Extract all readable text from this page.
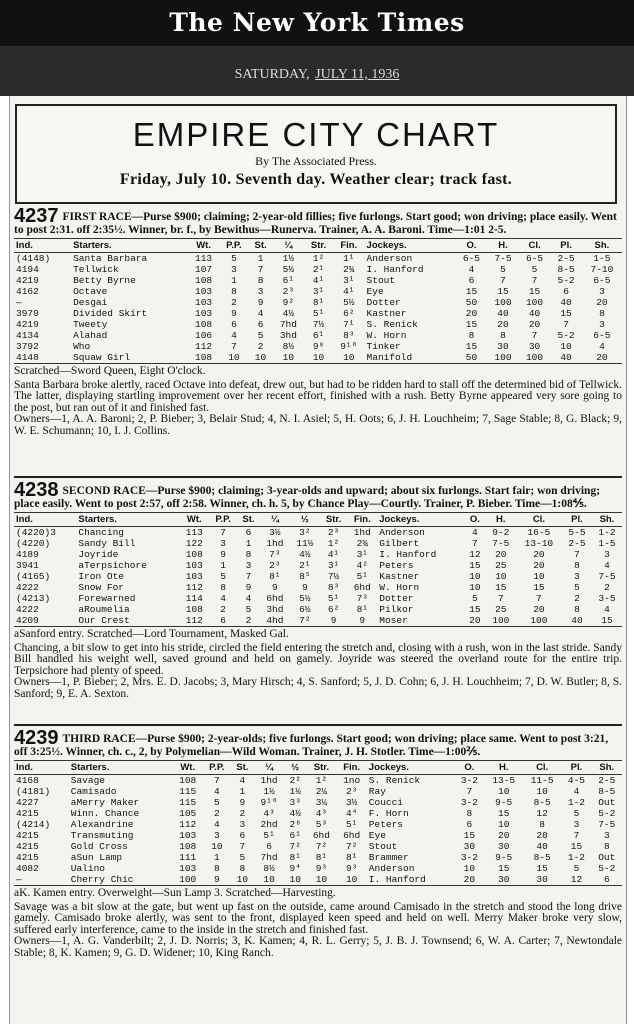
The New York Times
SATURDAY, JULY 11, 1936
EMPIRE CITY CHART
By The Associated Press.
Friday, July 10. Seventh day. Weather clear; track fast.
4237 FIRST RACE—Purse $900; claiming; 2-year-old fillies; five furlongs. Start good; won driving; place easily. Went to post 2:31. off 2:35½. Winner, br. f., by Bewithus—Runerva. Trainer, A. A. Baroni. Time—1:01 2-5.
Ind.	Starters.	Wt.	P.P.	St.	¼	Str.	Fin.	Jockeys.	O.	H.	Cl.	Pl.	Sh.
(4148)	Santa Barbara	113	5	1	1½	1²	1¹	Anderson	6-5	7-5	6-5	2-5	1-5
4194	Tellwick	107	3	7	5½	2¹	2¾	I. Hanford	4	5	5	8-5	7-10
4219	Betty Byrne	108	1	8	6¹	4¹	3¹	Stout	6	7	7	5-2	6-5
4162	Octave	103	8	3	2³	3¹	4¹	Eye	15	15	15	6	3
—	Desgai	103	2	9	9²	8¹	5½	Dotter	50	100	100	40	20
3979	Divided Skirt	103	9	4	4½	5¹	6²	Kastner	20	40	40	15	8
4219	Tweety	108	6	6	7hd	7½	7¹	S. Renick	15	20	20	7	3
4134	Alahad	106	4	5	3hd	6¹	8³	W. Horn	8	8	7	5-2	6-5
3792	Who	112	7	2	8½	9⁸	9¹⁰	Tinker	15	30	30	10	4
4148	Squaw Girl	108	10	10	10	10	10	Manifold	50	100	100	40	20

Scratched—Sword Queen, Eight O'clock.

Santa Barbara broke alertly, raced Octave into defeat, drew out, but had to be ridden hard to stall off the determined bid of Tellwick. The latter, displaying startling improvement over her recent effort, finished with a rush. Betty Byrne appeared very sore going to the post, but ran out of it and finished fast.

Owners—1, A. A. Baroni; 2, P. Bieber; 3, Belair Stud; 4, N. I. Asiel; 5, H. Oots; 6, J. H. Louchheim; 7, Sage Stable; 8, G. Black; 9, W. E. Schumann; 10, I. J. Collins.

4238 SECOND RACE—Purse $900; claiming; 3-year-olds and upward; about six furlongs. Start fair; won driving; place easily. Went to post 2:57, off 2:58. Winner, ch. h. 5, by Chance Play—Courtly. Trainer, P. Bieber. Time—1:08⅘.
Ind.	Starters.	Wt.	P.P.	St.	¼	½	Str.	Fin.	Jockeys.	O.	H.	Cl.	Pl.	Sh.
(4220)3	Chancing	113	7	6	3½	3²	2³	1hd	Anderson	4	9-2	16-5	5-5	1-2
(4220)	Sandy Bill	122	3	1	1hd	11½	1²	2¾	Gilbert	7	7-5	13-10	2-5	1-5
4189	Joyride	108	9	8	7³	4½	4¹	3¹	I. Hanford	12	20	20	7	3
3941	aTerpsichore	103	1	3	2³	2¹	3¹	4²	Peters	15	25	20	8	4
(4165)	Iron Ote	103	5	7	8¹	8⁵	7½	5¹	Kastner	10	10	10	3	7-5
4222	Snow For	112	8	9	9	9	8³	6hd	W. Horn	10	15	15	5	2
(4213)	Forewarned	114	4	4	6hd	5½	5¹	7³	Dotter	5	7	7	2	3-5
4222	aRoumelia	108	2	5	3hd	6½	6²	8¹	Pilkor	15	25	20	8	4
4209	Our Crest	112	6	2	4hd	7²	9	9	Moser	20	100	100	40	15

aSanford entry. Scratched—Lord Tournament, Masked Gal.

Chancing, a bit slow to get into his stride, circled the field entering the stretch and, closing with a rush, won in the last stride. Sandy Bill handled his weight well, saved ground and held on gamely. Joyride was steered the overland route for the entire trip. Terpsichore had plenty of speed.

Owners—1, P. Bieber; 2, Mrs. E. D. Jacobs; 3, Mary Hirsch; 4, S. Sanford; 5, J. D. Cohn; 6, J. H. Louchheim; 7, D. W. Butler; 8, S. Sanford; 9, E. A. Sexton.

4239 THIRD RACE—Purse $900; 2-year-olds; five furlongs. Start good; won driving; place same. Went to post 3:21, off 3:25½. Winner, ch. c., 2, by Polymelian—Wild Woman. Trainer, J. H. Stotler. Time—1:00⅖.
Ind.	Starters.	Wt.	P.P.	St.	¼	½	Str.	Fin.	Jockeys.	O.	H.	Cl.	Pl.	Sh.
4168	Savage	108	7	4	1hd	2²	1²	1no	S. Renick	3-2	13-5	11-5	4-5	2-5
(4181)	Camisado	115	4	1	1½	1½	2¼	2³	Ray	7	10	10	4	8-5
4227	aMerry Maker	115	5	9	9¹⁰	3³	3¼	3½	Coucci	3-2	9-5	8-5	1-2	Out
4215	Winn. Chance	105	2	2	4³	4½	4³	4⁴	F. Horn	8	15	12	5	5-2
(4214)	Alexandrine	112	4	3	2hd	2⁸	5³	5¹	Peters	6	10	8	3	7-5
4215	Transmuting	103	3	6	5¹	6¹	6hd	6hd	Eye	15	20	20	7	3
4215	Gold Cross	108	10	7	6	7²	7²	7²	Stout	30	30	40	15	8
4215	aSun Lamp	111	1	5	7hd	8¹	8¹	8¹	Brammer	3-2	9-5	8-5	1-2	Out
4082	Ualino	103	8	8	8½	9⁴	9³	9³	Anderson	10	15	15	5	5-2
—	Cherry Chic	100	9	10	10	10	10	10	I. Hanford	20	30	30	12	6

aK. Kamen entry. Overweight—Sun Lamp 3. Scratched—Harvesting.

Savage was a bit slow at the gate, but went up fast on the outside, came around Camisado in the stretch and stood the long drive gamely. Camisado broke alertly, was sent to the front, displayed keen speed and held on well. Merry Maker broke very slow, suffered early interference, came to the inside in the stretch and finished fast.

Owners—1, A. G. Vanderbilt; 2, J. D. Norris; 3, K. Kamen; 4, R. L. Gerry; 5, J. B. J. Townsend; 6, W. A. Carter; 7, Newtondale Stable; 8, K. Kamen; 9, G. D. Widener; 10, King Ranch.
